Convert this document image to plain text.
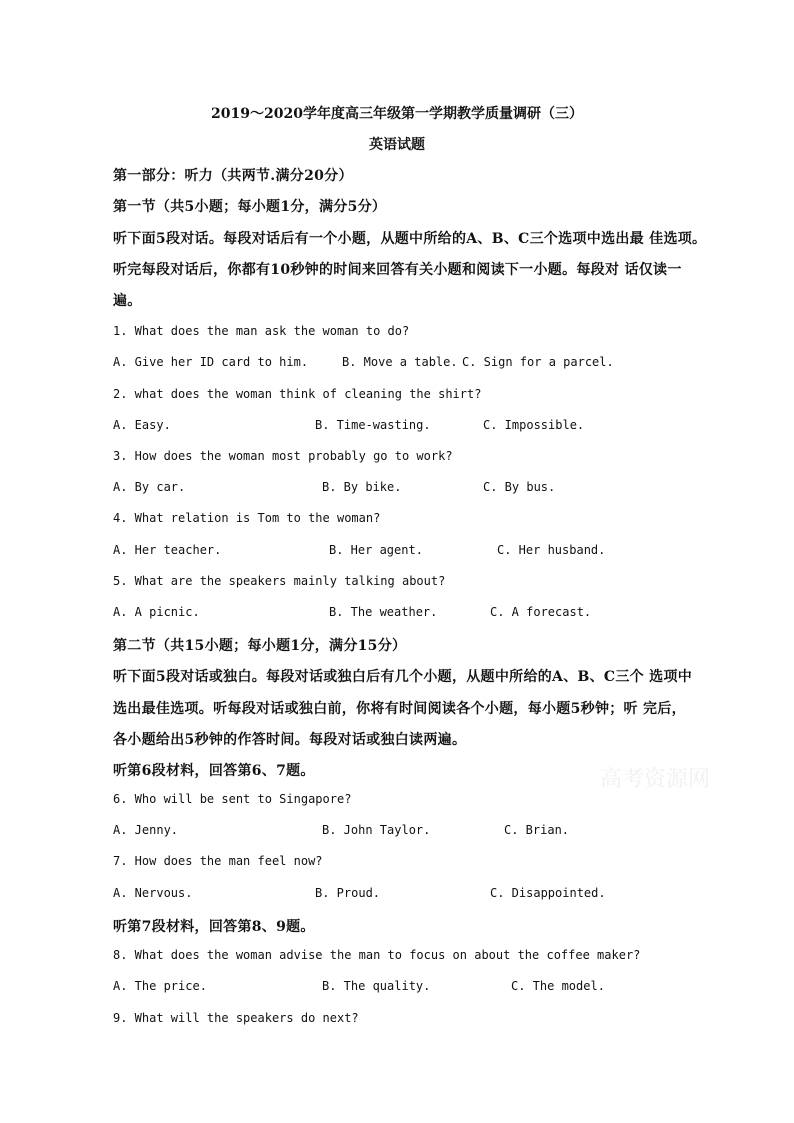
2019～2020学年度高三年级第一学期教学质量调研（三）
英语试题
第一部分：听力（共两节.满分20分）
第一节（共5小题；每小题1分，满分5分）
听下面5段对话。每段对话后有一个小题，从题中所给的A、B、C三个选项中选出最 佳选项。
听完每段对话后，你都有10秒钟的时间来回答有关小题和阅读下一小题。每段对 话仅读一
遍。
1. What does the man ask the woman to do?

A. Give her ID card to him.

	B. Move a table.

C. Sign for a parcel.

2. what does the woman think of cleaning the shirt?

A. Easy.

	B. Time-wasting.

	C. Impossible.

3. How does the woman most probably go to work?

A. By car.

	B. By bike.

	C. By bus.

4. What relation is Tom to the woman?

A. Her teacher.

	B. Her agent.

	C. Her husband.

5. What are the speakers mainly talking about?

A. A picnic.

	B. The weather.

	C. A forecast.

第二节（共15小题；每小题1分，满分15分）
听下面5段对话或独白。每段对话或独白后有几个小题，从题中所给的A、B、C三个 选项中
选出最佳选项。听每段对话或独白前，你将有时间阅读各个小题，每小题5秒钟；听 完后，
各小题给出5秒钟的作答时间。每段对话或独白读两遍。
听第6段材料，回答第6、7题。
6. Who will be sent to Singapore?

A. Jenny.

	B. John Taylor.

	C. Brian.

7. How does the man feel now?

A. Nervous.

	B. Proud.

	C. Disappointed.

听第7段材料，回答第8、9题。
8. What does the woman advise the man to focus on about the coffee maker?

A. The price.

	B. The quality.

	C. The model.

9. What will the speakers do next?
高考资源网
